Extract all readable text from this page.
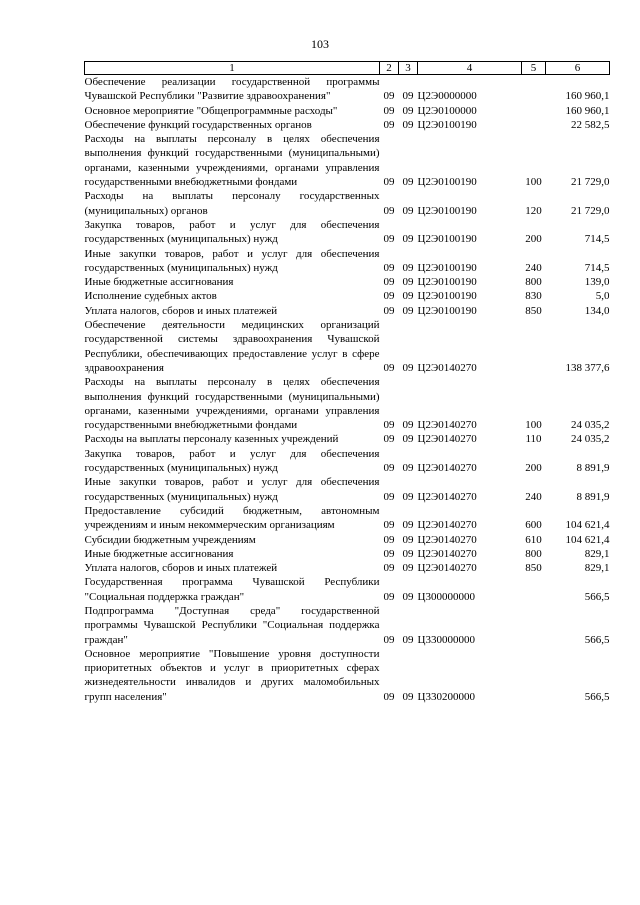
103
1	2	3	4	5	6
Обеспечение реализации государственной программы Чувашской Республики "Развитие здравоохранения"	09	09	Ц2Э0000000		160 960,1
Основное мероприятие "Общепрограммные расходы"	09	09	Ц2Э0100000		160 960,1
Обеспечение функций государственных органов	09	09	Ц2Э0100190		22 582,5
Расходы на выплаты персоналу в целях обеспечения выполнения функций государственными (муниципальными) органами, казенными учреждениями, органами управления государственными внебюджетными фондами	09	09	Ц2Э0100190	100	21 729,0
Расходы на выплаты персоналу государственных (муниципальных) органов	09	09	Ц2Э0100190	120	21 729,0
Закупка товаров, работ и услуг для обеспечения государственных (муниципальных) нужд	09	09	Ц2Э0100190	200	714,5
Иные закупки товаров, работ и услуг для обеспечения государственных (муниципальных) нужд	09	09	Ц2Э0100190	240	714,5
Иные бюджетные ассигнования	09	09	Ц2Э0100190	800	139,0
Исполнение судебных актов	09	09	Ц2Э0100190	830	5,0
Уплата налогов, сборов и иных платежей	09	09	Ц2Э0100190	850	134,0
Обеспечение деятельности медицинских организаций государственной системы здравоохранения Чувашской Республики, обеспечивающих предоставление услуг в сфере здравоохранения	09	09	Ц2Э0140270		138 377,6
Расходы на выплаты персоналу в целях обеспечения выполнения функций государственными (муниципальными) органами, казенными учреждениями, органами управления государственными внебюджетными фондами	09	09	Ц2Э0140270	100	24 035,2
Расходы на выплаты персоналу казенных учреждений	09	09	Ц2Э0140270	110	24 035,2
Закупка товаров, работ и услуг для обеспечения государственных (муниципальных) нужд	09	09	Ц2Э0140270	200	8 891,9
Иные закупки товаров, работ и услуг для обеспечения государственных (муниципальных) нужд	09	09	Ц2Э0140270	240	8 891,9
Предоставление субсидий бюджетным, автономным учреждениям и иным некоммерческим организациям	09	09	Ц2Э0140270	600	104 621,4
Субсидии бюджетным учреждениям	09	09	Ц2Э0140270	610	104 621,4
Иные бюджетные ассигнования	09	09	Ц2Э0140270	800	829,1
Уплата налогов, сборов и иных платежей	09	09	Ц2Э0140270	850	829,1
Государственная программа Чувашской Республики "Социальная поддержка граждан"	09	09	Ц300000000		566,5
Подпрограмма "Доступная среда" государственной программы Чувашской Республики "Социальная поддержка граждан"	09	09	Ц330000000		566,5
Основное мероприятие "Повышение уровня доступности приоритетных объектов и услуг в приоритетных сферах жизнедеятельности инвалидов и других маломобильных групп населения"	09	09	Ц330200000		566,5
